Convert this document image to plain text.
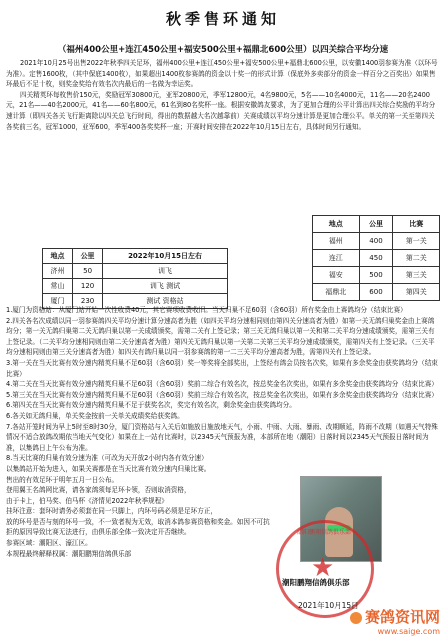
秋季售环通知
（福州400公里+连江450公里+福安500公里+福鼎北600公里）以四关综合平均分速

2021年10月25号出售2022年秋季四关足环，福州400公里+连江450公里+福安500公里+福鼎北600公里，以安徽1400羽参赛为准（以环号为准）。定售1600枚，（其中保底1400枚），如果超出1400枚参赛鸽的资金以十奖一的形式计算（保底外多卖部分的资金一样百分之百奖出）如果售环最后不足十枚，则奖金奖给有效名次内最后的一名做为幸运奖。

四关精英环每枚售价150元，奖励冠军30800元，亚军20800元，季军12800元，4名9800元，5名——10名4000元，11名——20名2400元，21名——40名2000元，41名——60名800元，61名到80名奖杯一座。根据安徽鸽友要求，为了更加合理的公平计算出四关综合奖励的平均分速计算（即四关各关飞行距离除以四关总飞行时间，得出的数据越大名次越靠前）关赛成绩以平均分速计算是更加合理公平。单关的第一关至第四关各奖前三名，冠军1000，亚军600，季军400各奖奖杯一座；开赛时间安排在2022年10月15日左右，具体时间另行通知。

地点	公里	2022年10月15日左右
济州	50	训飞
常山	120	训飞 测试
厦门	230	测试 资格站
地点	公里	比赛
福州	400	第一关
连江	450	第二关
福安	500	第三关
福鼎北	600	第四关

1.厦门为资格站：从厦门站开始一次性收费40元，其它赛项收费收旧。当天归巢不足60羽（含60羽）所有奖金由上赛鸽均分（结束比赛）

2.四关各名次成绩以同一羽参赛鸽四关平均分速计算分速高者为胜（如四关平均分速相同则由第四关分速高者为胜）如第一关无鸽归巢奖金由上赛鸽均分；第一关无鸽归巢第二关无鸽归巢以第一关成绩颁奖，需第二关有上签记录；第三关无鸽归巢以第一关和第二关平均分速成绩颁奖，需第三关有上签记录。（二关平均分速相同则由第二关分速高者为胜）第四关无鸽归巢以第一关第二关第三关平均分速成绩颁奖，需第四关有上签记录。（三关平均分速相同则由第三关分速高者为胜）如四关有鸽归巢以同一羽参赛鸽的第一二三关平均分速高者为胜，需第四关有上签记录。

3.第一关在当天比赛有效分速内精英归巢不足60羽（含60羽）奖一等奖将全部奖出，上签经有鸽会员按名次奖，如果有多余奖金由获奖鸽均分（结束比赛）

4.第二关在当天比赛有效分速内精英归巢不足60羽（含60羽）奖前二综合有效名次，按总奖金名次奖出，如果有多余奖金由获奖鸽均分（结束比赛）

5.第三关在当天比赛有效分速内精英归巢不足60羽（含60羽）奖前三综合有效名次，按总奖金名次奖出，如果有多余奖金由获奖鸽均分（结束比赛）

6.第四关在当天比赛有效分速内精英归巢不足于获奖名次，奖完有效名次，剩余奖金由获奖鸽均分。

6.各关如无鸽归巢，单关奖金按前一关单关成绩奖给获奖鸽。

7.各站开笼时间为早上5时至8时30分，厦门资格站与入关后如施放日施放地天气，小雨、中雨、大雨、暴雨、改期顺延，阵雨不改期（如遇天气特殊情况不适合放鸽改期依当地天气变化）如果在上一站有比赛时，以2345天气预报为准，本部所在地（潮阳）日落时间以2345天气预报日落时间为准，以集鸽日上午公布为准。

8.当天比赛的归巢有效分速为准（可改为天开放2小时内各有效分速）

以集鸽站开始为进入，如果关赛都是在当天比赛有效分速内归巢比赛。

售出的有效足环于明年五月一日公布。

登用翼王名鸽网比赛，请各家鸽须每足环卡领，否则取消资格，

由于卡上，伯马奖、伯马杯《济情见2022年秋季规程》

挂环注意：套环时请务必须套在同一只脚上，内环号码必须是足环方正，

放的环号是否与刻的环号一致，不一致者视为无效，取消本鸽参赛资格和奖金。如因不可抗拒的原因导致比赛无法进行，由俱乐部全体一致决定开否继续。

参赛区域：潮阳区、濠江区。

本规程最终解释权属：潮阳鹏翔信鸽俱乐部

潮阳鹏翔信鸽俱乐部
★
潮阳鹏翔信鸽俱乐部
2021年10月15日
赛鸽资讯网
www.saige.com
